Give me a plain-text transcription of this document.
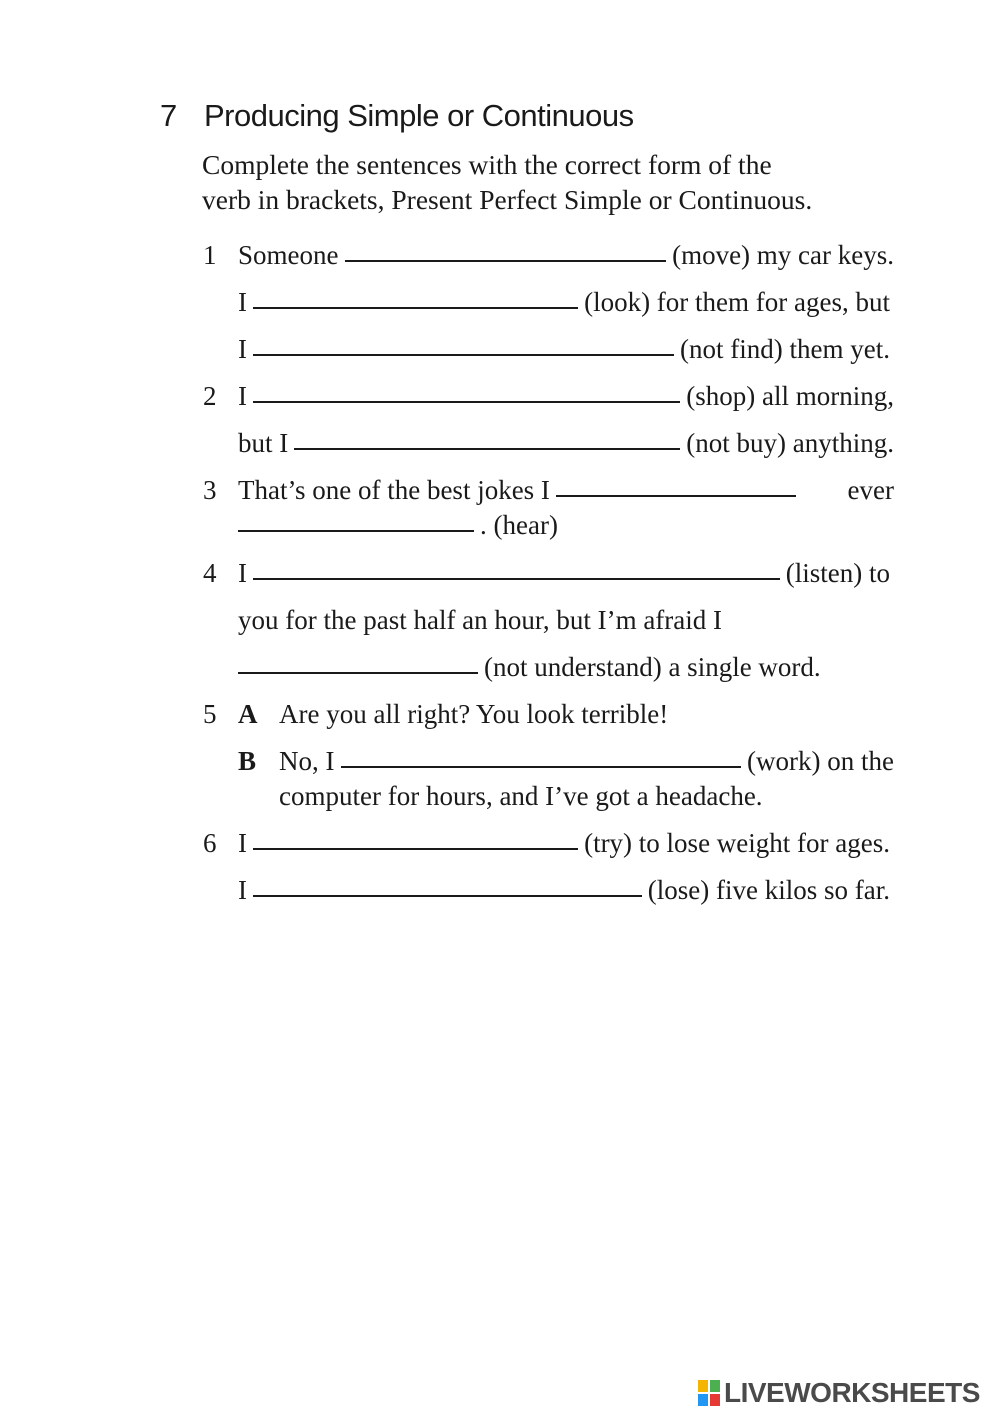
7 Producing Simple or Continuous
Complete the sentences with the correct form of the
verb in brackets, Present Perfect Simple or Continuous.
1 Someone	(move) my car keys.
I	(look) for them for ages, but
I	(not find) them yet.
2 I	(shop) all morning,
but I	(not buy) anything.
3 That’s one of the best jokes I	ever
. (hear)
4 I	(listen) to
you for the past half an hour, but I’m afraid I
(not understand) a single word.
5 A Are you all right? You look terrible!
B No, I	(work) on the
computer for hours, and I’ve got a headache.
6 I	(try) to lose weight for ages.
I	(lose) five kilos so far.
LIVEWORKSHEETS
